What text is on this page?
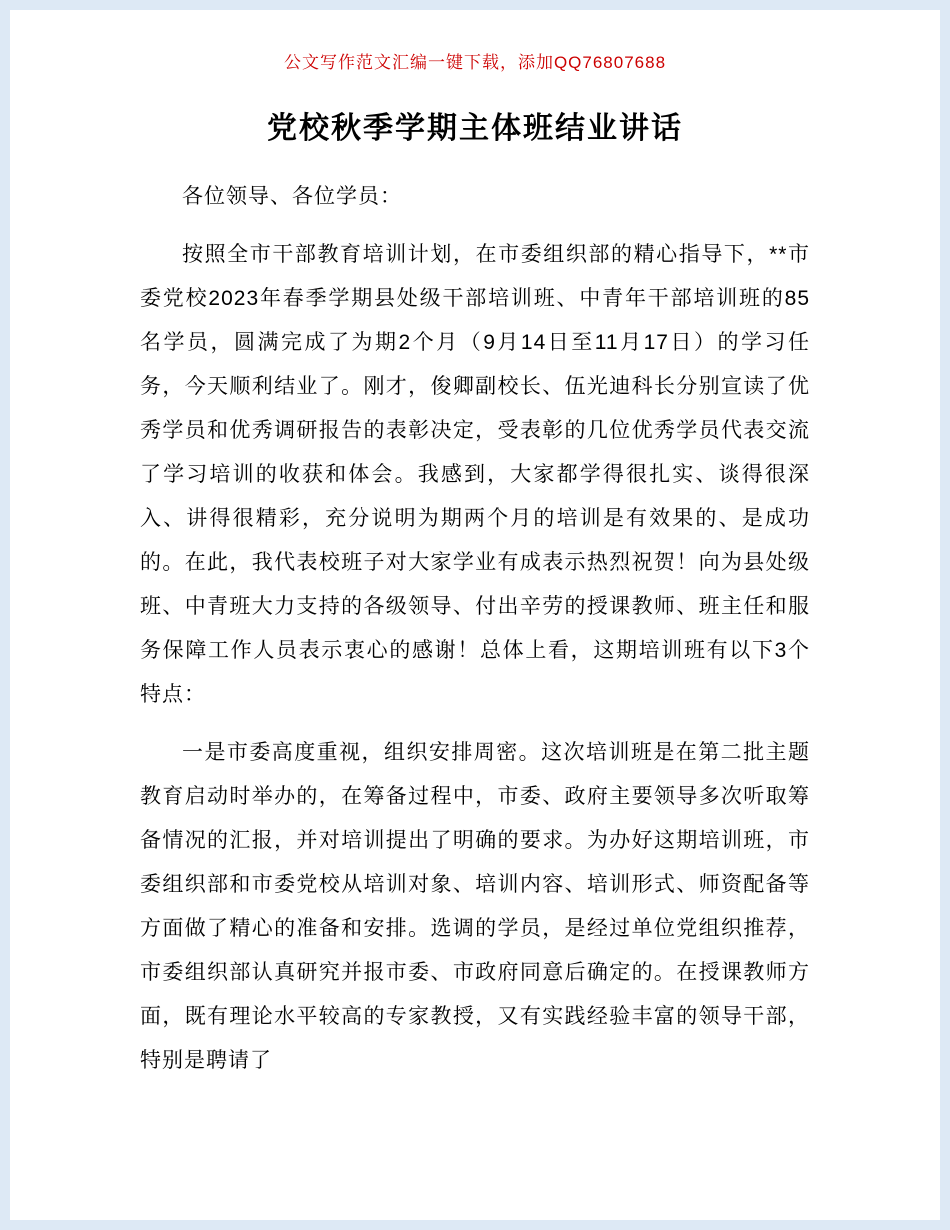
公文写作范文汇编一键下载，添加QQ76807688
党校秋季学期主体班结业讲话

各位领导、各位学员：

按照全市干部教育培训计划，在市委组织部的精心指导下，**市委党校2023年春季学期县处级干部培训班、中青年干部培训班的85名学员，圆满完成了为期2个月（9月14日至11月17日）的学习任务，今天顺利结业了。刚才，俊卿副校长、伍光迪科长分别宣读了优秀学员和优秀调研报告的表彰决定，受表彰的几位优秀学员代表交流了学习培训的收获和体会。我感到，大家都学得很扎实、谈得很深入、讲得很精彩，充分说明为期两个月的培训是有效果的、是成功的。在此，我代表校班子对大家学业有成表示热烈祝贺！向为县处级班、中青班大力支持的各级领导、付出辛劳的授课教师、班主任和服务保障工作人员表示衷心的感谢！总体上看，这期培训班有以下3个特点：

一是市委高度重视，组织安排周密。这次培训班是在第二批主题教育启动时举办的，在筹备过程中，市委、政府主要领导多次听取筹备情况的汇报，并对培训提出了明确的要求。为办好这期培训班，市委组织部和市委党校从培训对象、培训内容、培训形式、师资配备等方面做了精心的准备和安排。选调的学员，是经过单位党组织推荐，市委组织部认真研究并报市委、市政府同意后确定的。在授课教师方面，既有理论水平较高的专家教授，又有实践经验丰富的领导干部，特别是聘请了
